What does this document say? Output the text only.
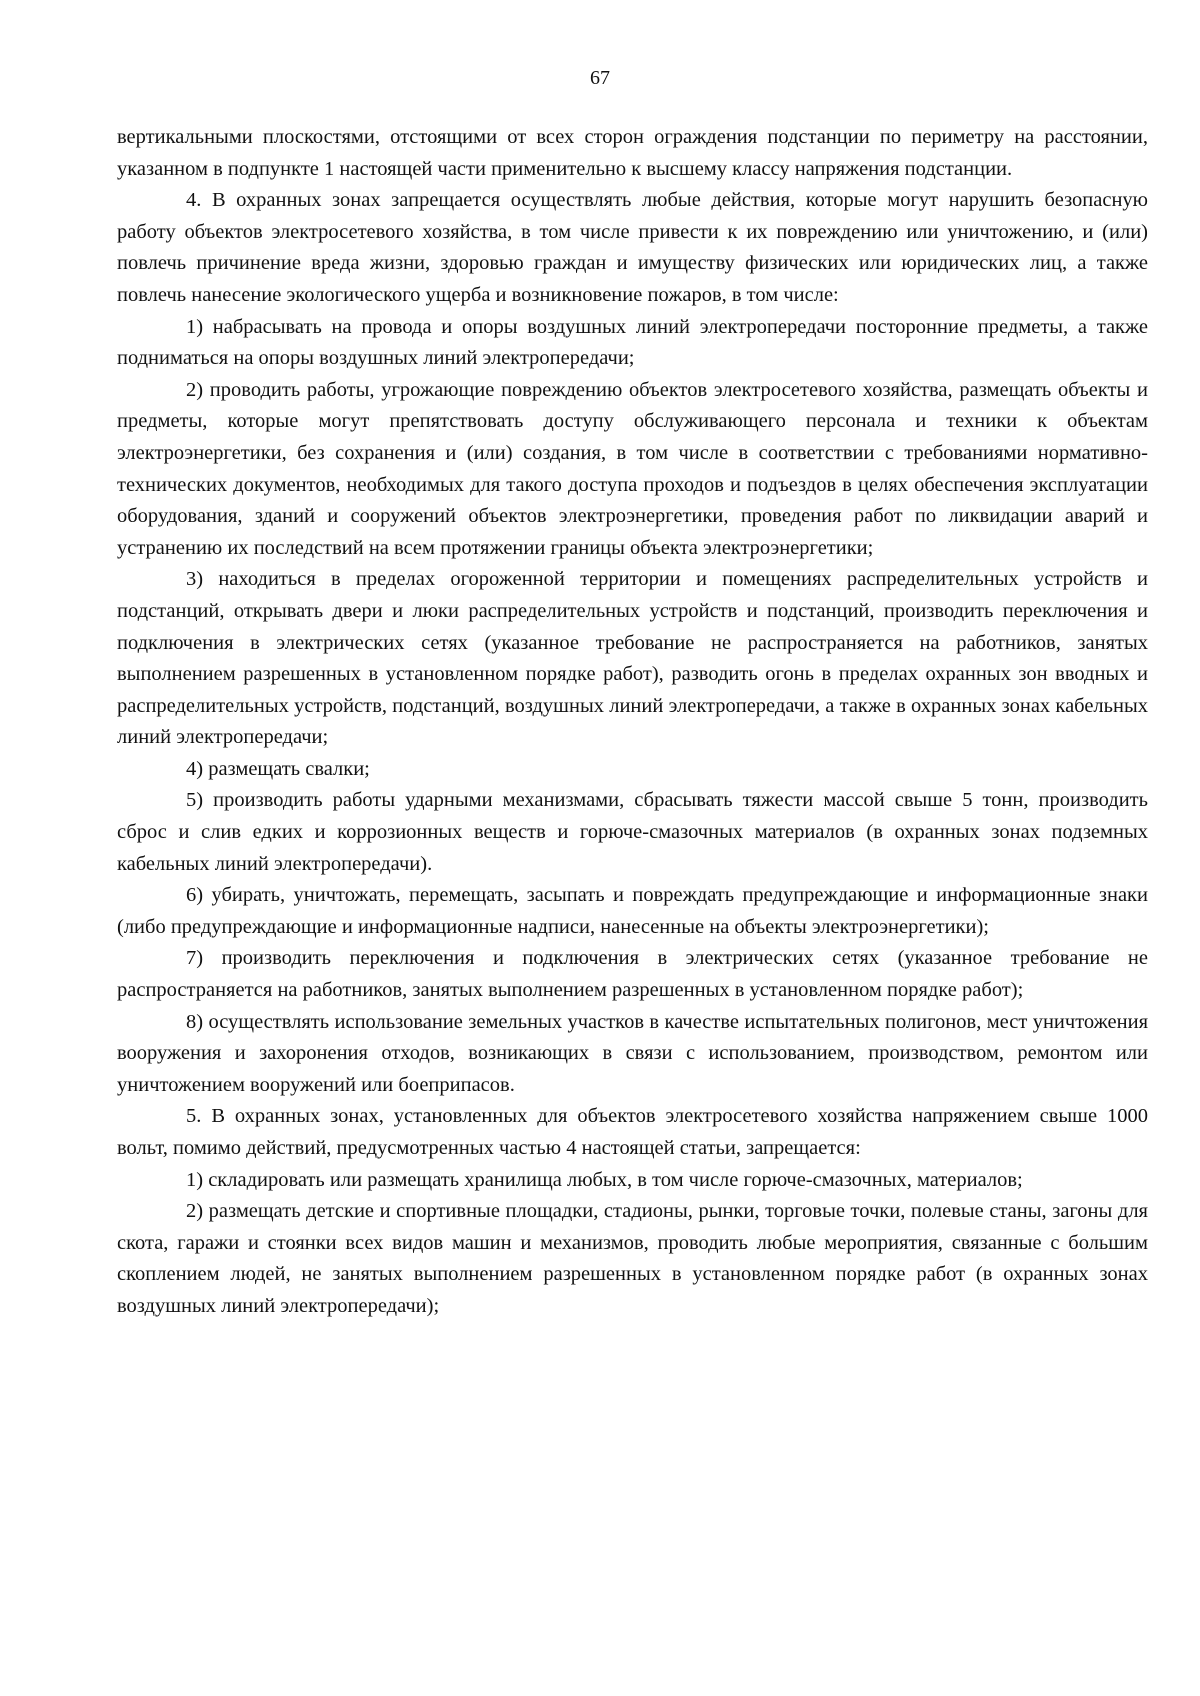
67

вертикальными плоскостями, отстоящими от всех сторон ограждения подстанции по периметру на расстоянии, указанном в подпункте 1 настоящей части применительно к высшему классу напряжения подстанции.

4. В охранных зонах запрещается осуществлять любые действия, которые могут нарушить безопасную работу объектов электросетевого хозяйства, в том числе привести к их повреждению или уничтожению, и (или) повлечь причинение вреда жизни, здоровью граждан и имуществу физических или юридических лиц, а также повлечь нанесение экологического ущерба и возникновение пожаров, в том числе:

1) набрасывать на провода и опоры воздушных линий электропередачи посторонние предметы, а также подниматься на опоры воздушных линий электропередачи;

2) проводить работы, угрожающие повреждению объектов электросетевого хозяйства, размещать объекты и предметы, которые могут препятствовать доступу обслуживающего персонала и техники к объектам электроэнергетики, без сохранения и (или) создания, в том числе в соответствии с требованиями нормативно-технических документов, необходимых для такого доступа проходов и подъездов в целях обеспечения эксплуатации оборудования, зданий и сооружений объектов электроэнергетики, проведения работ по ликвидации аварий и устранению их последствий на всем протяжении границы объекта электроэнергетики;

3) находиться в пределах огороженной территории и помещениях распределительных устройств и подстанций, открывать двери и люки распределительных устройств и подстанций, производить переключения и подключения в электрических сетях (указанное требование не распространяется на работников, занятых выполнением разрешенных в установленном порядке работ), разводить огонь в пределах охранных зон вводных и распределительных устройств, подстанций, воздушных линий электропередачи, а также в охранных зонах кабельных линий электропередачи;

4) размещать свалки;

5) производить работы ударными механизмами, сбрасывать тяжести массой свыше 5 тонн, производить сброс и слив едких и коррозионных веществ и горюче-смазочных материалов (в охранных зонах подземных кабельных линий электропередачи).

6) убирать, уничтожать, перемещать, засыпать и повреждать предупреждающие и информационные знаки (либо предупреждающие и информационные надписи, нанесенные на объекты электроэнергетики);

7) производить переключения и подключения в электрических сетях (указанное требование не распространяется на работников, занятых выполнением разрешенных в установленном порядке работ);

8) осуществлять использование земельных участков в качестве испытательных полигонов, мест уничтожения вооружения и захоронения отходов, возникающих в связи с использованием, производством, ремонтом или уничтожением вооружений или боеприпасов.

5. В охранных зонах, установленных для объектов электросетевого хозяйства напряжением свыше 1000 вольт, помимо действий, предусмотренных частью 4 настоящей статьи, запрещается:

1) складировать или размещать хранилища любых, в том числе горюче-смазочных, материалов;

2) размещать детские и спортивные площадки, стадионы, рынки, торговые точки, полевые станы, загоны для скота, гаражи и стоянки всех видов машин и механизмов, проводить любые мероприятия, связанные с большим скоплением людей, не занятых выполнением разрешенных в установленном порядке работ (в охранных зонах воздушных линий электропередачи);
